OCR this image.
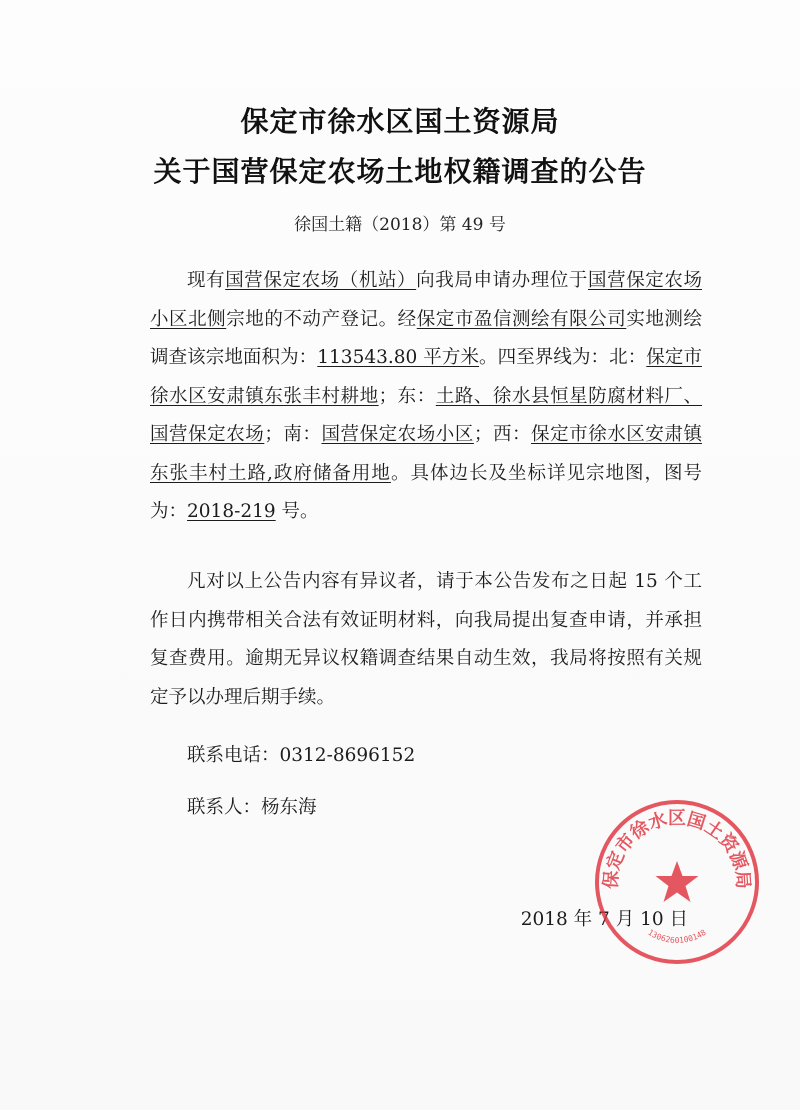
保定市徐水区国土资源局
关于国营保定农场土地权籍调查的公告
徐国土籍（2018）第 49 号

现有国营保定农场（机站）向我局申请办理位于国营保定农场小区北侧宗地的不动产登记。经保定市盈信测绘有限公司实地测绘调查该宗地面积为：113543.80 平方米。四至界线为：北：保定市徐水区安肃镇东张丰村耕地；东：土路、徐水县恒星防腐材料厂、国营保定农场；南：国营保定农场小区；西：保定市徐水区安肃镇东张丰村土路,政府储备用地。具体边长及坐标详见宗地图，图号为：2018-219 号。

凡对以上公告内容有异议者，请于本公告发布之日起 15 个工作日内携带相关合法有效证明材料，向我局提出复查申请，并承担复查费用。逾期无异议权籍调查结果自动生效，我局将按照有关规定予以办理后期手续。

联系电话：0312-8696152
联系人：杨东海
2018 年 7 月 10 日
保定市徐水区国土资源局
1306260100148
